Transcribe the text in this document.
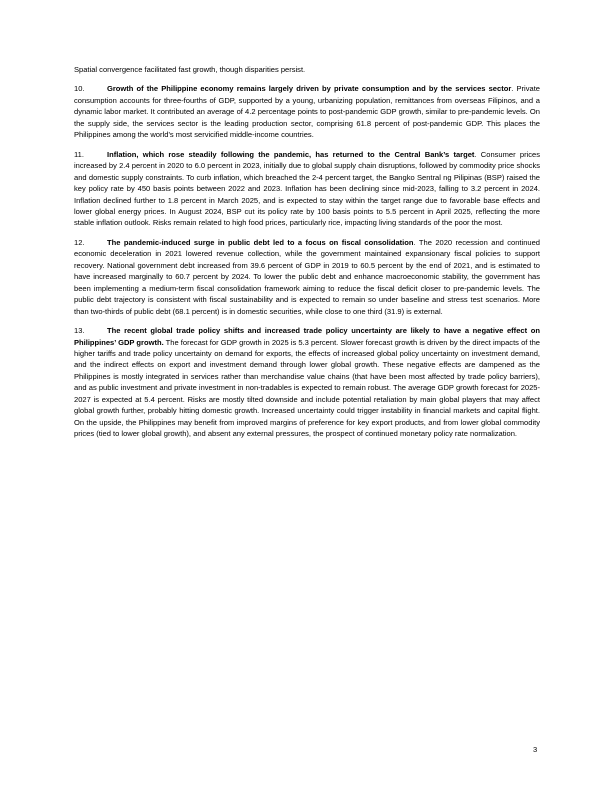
Spatial convergence facilitated fast growth, though disparities persist.

10.	Growth of the Philippine economy remains largely driven by private consumption and by the services sector. Private consumption accounts for three-fourths of GDP, supported by a young, urbanizing population, remittances from overseas Filipinos, and a dynamic labor market. It contributed an average of 4.2 percentage points to post-pandemic GDP growth, similar to pre-pandemic levels. On the supply side, the services sector is the leading production sector, comprising 61.8 percent of post-pandemic GDP. This places the Philippines among the world’s most servicified middle-income countries.

11.	Inflation, which rose steadily following the pandemic, has returned to the Central Bank’s target. Consumer prices increased by 2.4 percent in 2020 to 6.0 percent in 2023, initially due to global supply chain disruptions, followed by commodity price shocks and domestic supply constraints. To curb inflation, which breached the 2-4 percent target, the Bangko Sentral ng Pilipinas (BSP) raised the key policy rate by 450 basis points between 2022 and 2023. Inflation has been declining since mid-2023, falling to 3.2 percent in 2024. Inflation declined further to 1.8 percent in March 2025, and is expected to stay within the target range due to favorable base effects and lower global energy prices. In August 2024, BSP cut its policy rate by 100 basis points to 5.5 percent in April 2025, reflecting the more stable inflation outlook. Risks remain related to high food prices, particularly rice, impacting living standards of the poor the most.

12.	The pandemic-induced surge in public debt led to a focus on fiscal consolidation. The 2020 recession and continued economic deceleration in 2021 lowered revenue collection, while the government maintained expansionary fiscal policies to support recovery. National government debt increased from 39.6 percent of GDP in 2019 to 60.5 percent by the end of 2021, and is estimated to have increased marginally to 60.7 percent by 2024. To lower the public debt and enhance macroeconomic stability, the government has been implementing a medium-term fiscal consolidation framework aiming to reduce the fiscal deficit closer to pre-pandemic levels. The public debt trajectory is consistent with fiscal sustainability and is expected to remain so under baseline and stress test scenarios. More than two-thirds of public debt (68.1 percent) is in domestic securities, while close to one third (31.9) is external.

13.	The recent global trade policy shifts and increased trade policy uncertainty are likely to have a negative effect on Philippines’ GDP growth. The forecast for GDP growth in 2025 is 5.3 percent. Slower forecast growth is driven by the direct impacts of the higher tariffs and trade policy uncertainty on demand for exports, the effects of increased global policy uncertainty on investment demand, and the indirect effects on export and investment demand through lower global growth. These negative effects are dampened as the Philippines is mostly integrated in services rather than merchandise value chains (that have been most affected by trade policy barriers), and as public investment and private investment in non-tradables is expected to remain robust. The average GDP growth forecast for 2025-2027 is expected at 5.4 percent. Risks are mostly tilted downside and include potential retaliation by main global players that may affect global growth further, probably hitting domestic growth. Increased uncertainty could trigger instability in financial markets and capital flight. On the upside, the Philippines may benefit from improved margins of preference for key export products, and from lower global commodity prices (tied to lower global growth), and absent any external pressures, the prospect of continued monetary policy rate normalization.

3
